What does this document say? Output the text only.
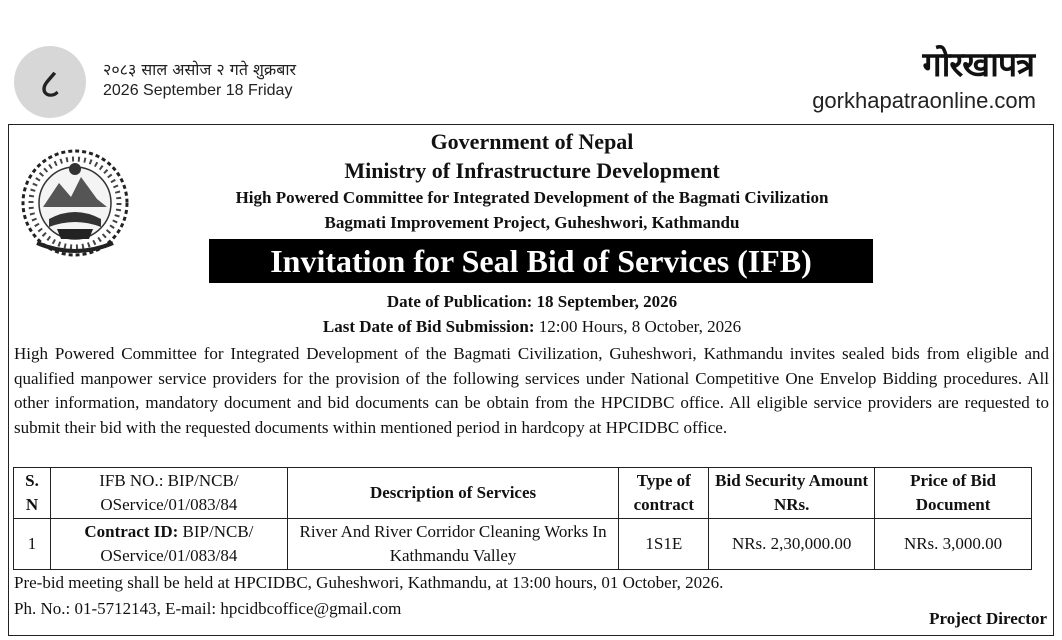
८	२०८३ साल असोज २ गते शुक्रबार
2026 September 18 Friday
गोरखापत्र
gorkhapatraonline.com
Government of Nepal
Ministry of Infrastructure Development
High Powered Committee for Integrated Development of the Bagmati Civilization
Bagmati Improvement Project, Guheshwori, Kathmandu
Invitation for Seal Bid of Services (IFB)
Date of Publication: 18 September, 2026
Last Date of Bid Submission: 12:00 Hours, 8 October, 2026
High Powered Committee for Integrated Development of the Bagmati Civilization, Guheshwori, Kathmandu invites sealed bids from eligible and qualified manpower service providers for the provision of the following services under National Competitive One Envelop Bidding procedures. All other information, mandatory document and bid documents can be obtain from the HPCIDBC office. All eligible service providers are requested to submit their bid with the requested documents within mentioned period in hardcopy at HPCIDBC office.
S. N	IFB NO.: BIP/NCB/ OService/01/083/84	Description of Services	Type of contract	Bid Security Amount NRs.	Price of Bid Document
1	Contract ID: BIP/NCB/ OService/01/083/84	River And River Corridor Cleaning Works In Kathmandu Valley	1S1E	NRs. 2,30,000.00	NRs. 3,000.00
Pre-bid meeting shall be held at HPCIDBC, Guheshwori, Kathmandu, at 13:00 hours, 01 October, 2026.
Ph. No.: 01-5712143, E-mail: hpcidbcoffice@gmail.com
Project Director
